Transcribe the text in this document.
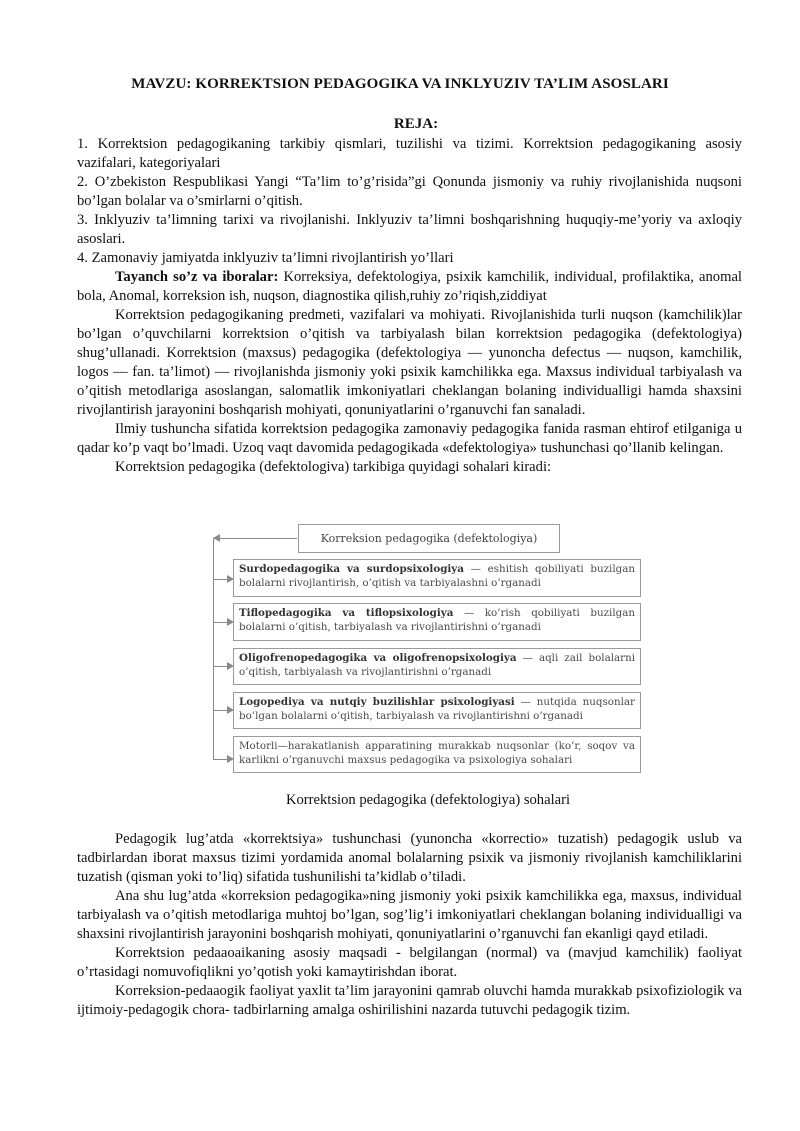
MAVZU: KORREKTSION PEDAGOGIKA VA INKLYUZIV TA’LIM ASOSLARI
REJA:

1. Korrektsion pedagogikaning tarkibiy qismlari, tuzilishi va tizimi. Korrektsion pedagogikaning asosiy vazifalari, kategoriyalari

2. O’zbekiston Respublikasi Yangi “Ta’lim to’g’risida”gi Qonunda jismoniy va ruhiy rivojlanishida nuqsoni bo’lgan bolalar va o’smirlarni o’qitish.

3. Inklyuziv ta’limning tarixi va rivojlanishi. Inklyuziv ta’limni boshqarishning huquqiy-me’yoriy va axloqiy asoslari.

4. Zamonaviy jamiyatda inklyuziv ta’limni rivojlantirish yo’llari

Tayanch so’z va iboralar: Korreksiya, defektologiya, psixik kamchilik, individual, profilaktika, anomal bola, Anomal, korreksion ish, nuqson, diagnostika qilish,ruhiy zo’riqish,ziddiyat

Korrektsion pedagogikaning predmeti, vazifalari va mohiyati. Rivojlanishida turli nuqson (kamchilik)lar bo’lgan o’quvchilarni korrektsion o’qitish va tarbiyalash bilan korrektsion pedagogika (defektologiya) shug’ullanadi. Korrektsion (maxsus) pedagogika (defektologiya — yunoncha defectus — nuqson, kamchilik, logos — fan. ta’limot) — rivojlanishda jismoniy yoki psixik kamchilikka ega. Maxsus individual tarbiyalash va o’qitish metodlariga asoslangan, salomatlik imkoniyatlari cheklangan bolaning individualligi hamda shaxsini rivojlantirish jarayonini boshqarish mohiyati, qonuniyatlarini o’rganuvchi fan sanaladi.

Ilmiy tushuncha sifatida korrektsion pedagogika zamonaviy pedagogika fanida rasman ehtirof etilganiga u qadar ko’p vaqt bo’lmadi. Uzoq vaqt davomida pedagogikada «defektologiya» tushunchasi qo’llanib kelingan.

Korrektsion pedagogika (defektologiva) tarkibiga quyidagi sohalari kiradi:

Korreksion pedagogika (defektologiya)
Surdopedagogika va surdopsixologiya — eshitish qobiliyati buzilgan bolalarni rivojlantirish, o’qitish va tarbiyalashni o’rganadi
Tiflopedagogika va tiflopsixologiya — ko’rish qobiliyati buzilgan bolalarni o’qitish, tarbiyalash va rivojlantirishni o’rganadi
Oligofrenopedagogika va oligofrenopsixologiya — aqli zail bolalarni o’qitish, tarbiyalash va rivojlantirishni o’rganadi
Logopediya va nutqiy buzilishlar psixologiyasi — nutqida nuqsonlar bo’lgan bolalarni o’qitish, tarbiyalash va rivojlantirishni o’rganadi
Motorli—harakatlanish apparatining murakkab nuqsonlar (ko’r, soqov va karlikni o’rganuvchi maxsus pedagogika va psixologiya sohalari
Korrektsion pedagogika (defektologiya) sohalari

Pedagogik lug’atda «korrektsiya» tushunchasi (yunoncha «korrectio» tuzatish) pedagogik uslub va tadbirlardan iborat maxsus tizimi yordamida anomal bolalarning psixik va jismoniy rivojlanish kamchiliklarini tuzatish (qisman yoki to’liq) sifatida tushunilishi ta’kidlab o’tiladi.

Ana shu lug’atda «korreksion pedagogika»ning jismoniy yoki psixik kamchilikka ega, maxsus, individual tarbiyalash va o’qitish metodlariga muhtoj bo’lgan, sog’lig’i imkoniyatlari cheklangan bolaning individualligi va shaxsini rivojlantirish jarayonini boshqarish mohiyati, qonuniyatlarini o’rganuvchi fan ekanligi qayd etiladi.

Korrektsion pedaaoaikaning asosiy maqsadi - belgilangan (normal) va (mavjud kamchilik) faoliyat o’rtasidagi nomuvofiqlikni yo’qotish yoki kamaytirishdan iborat.

Korreksion-pedaaogik faoliyat yaxlit ta’lim jarayonini qamrab oluvchi hamda murakkab psixofiziologik va ijtimoiy-pedagogik chora- tadbirlarning amalga oshirilishini nazarda tutuvchi pedagogik tizim.
